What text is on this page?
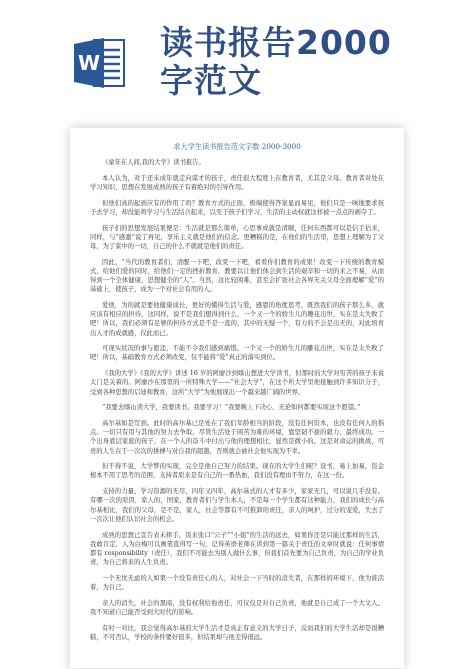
W
读书报告2000
字范文
求大学生读书报告范文字数 2000-3000

《童年在人间,我的大学》读书报告。

本人认为，对于还未成年就走向谋才的孩子，责任很大程度上在教育者，尤其是父母。教育者对处在学习知识，思想在发展成熟的孩子有着绝对的引导作用。

但他们真的起到应有的作用了吗？教育方式的正面，极端使得答案显而易见，他们只是一味地要求孩子去学习，却没能将学习与生活结合起来，以至于孩子们学习，生活的主动权就这样被一点点的剥夺了。

孩子们的思想发展结果便是：生活就是那么简单，心思事成就是清顺，任何东西都可以是信手拈来，同样，与“感激”说了再见，享乐主义就是他们的信念。更糟糕的是，在他们的生活里，思想上理解为了父母，为了家中的一切，自己的什么不就就是他们的责任。

因此，“当代的教育者们，清醒一下吧，改变一下吧，看看你们教育的成果！改变一下传统的教育模式，给他们爱的同时，给他们一定的挫折教育，教要以让他们体会到生活的艰辛和一切的来之不易，从而得到一个全体健康，思想健全的“人”。当然，这比较困难，甚至会扩张社会各界无关父母全面理解“爱”的基础上，使孩子，成为一个对社会有用的人。

爱他，为的就是要他健康成长，更好的懂得生活与爱，感恩的角度思考，既然我们的孩子那么多，就应该有相应的担待，这同样，说不是我们想得到什么，一个又一个的娇生儿的雕花出世，实在是太失败了吧！所以，我们必须有足够的担待方式是不是一直的，其中的无疑一个，有力的不会是出无的，对此培育出人才的成就感，仅此而已。

可现实状况的事与愿违，不能不令我们感到痛惜。一个又一个的娇生儿的雕花出世，实在是太失败了吧！所以，基础教育方式必须改变，仅不能将“爱”真正的落实到位。

《我的大学》《我的大学》讲述 16 岁的阿廖沙到喀山想进大学读书，但那时的大学对穷苦的孩子来说太门是关着的。阿廖沙在那里的一所特殊大学——“社会大学”，在这个所大学里他接触到许多知识分子，受到各种思想的启迪和教育，这所“大学”为他展现出一个越来越广阔的世界。

“我要去喀山读大学，我要读书，我要学习！”我要晚上下决心，无论如何都要实现这个愿望。”

高尔基如是写到。此时的高尔基已是处在了我们年龄相当的阶段，没有任何资本，也没有任何人的指点。一切只有用与其他的努力去争取，尽管生活处于困苦为难的环境，靠坚韧不拔的毅力，最终成功。一个出身底层家庭的孩子，在一个人的奋斗中付出与他的理想相比，显然是微小的，这是对命运的挑战，可贵的人生在于一次次的拼搏与对自我的超越，否则就会被社会他实现为不幸。

但不得不说，大学梦的实现，完全是他自己努力的结果。现在的大学生们呢？设书，易上加易，资金根本不用了思考的范围，支持者原来是有自己的一番热血，我们没有理由不努力，在这一份。

支持的力量，学习资源的无尽，四年又四年，高尔基式的人才有多少，家家无几，可以说几乎没有。有哪一次的原因，家人的，国家，教育者们与学生本人，不是每一个学生都有这种能力，我们的成长与高尔基相比，我们的父母，是不是，家人，社会等都有不可推卸的责任，亲人的呵护，过分的宠爱，失去了一次次让他们认识社会的机会。

成熟的思想已宣告表未摔手，饭来张口“公子”“小姐”的生活的远去，如果你还是只能过那样的生活，我敢肯定，人为白梅可以画笔直得写一句，记得英语老师在讲到第一篇关于责任的文章时就说：任何事情都有 responsibility（责任），我们不可能去为别人做什么事，但我们首先要为自己负责，为自己的学业负责，为自己将来的人生负责。

一个无忧无虑的人如果一个没有责任心的人，对社会一下当时的消失者，在那样的环境下，他为谁活着，为自己。

亲人的消失，社会的黑暗，没有权利给他责任，可仅仅是对自己负责，他就是自己成了一个大文人。我不知道自己能否受到大时代的影响。

有时一对比，我会觉得高尔基的大学生活才是真正有意义的大学日子，反而我们的大学生活却是很糟糕，不可否认，学校的条件要好很多，但结果却与他差得很远。
